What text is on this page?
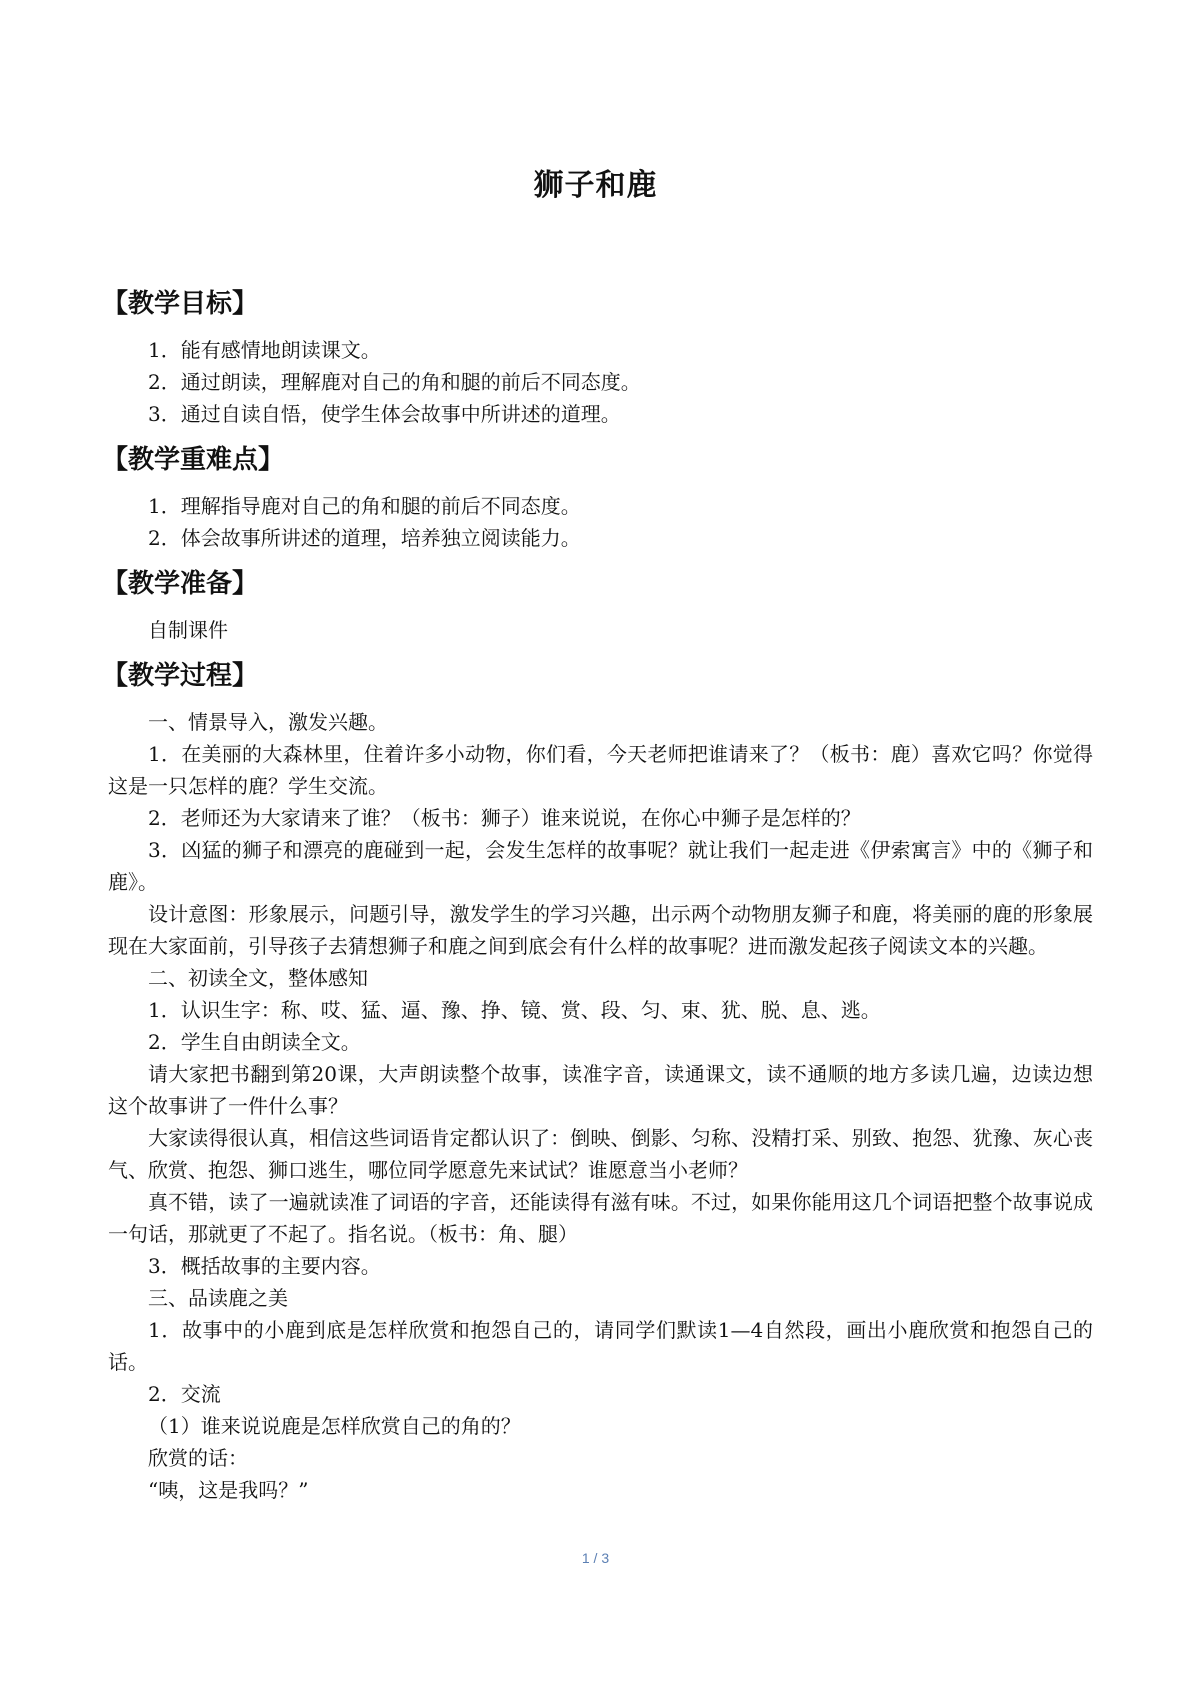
狮子和鹿
【教学目标】

1．能有感情地朗读课文。

2．通过朗读，理解鹿对自己的角和腿的前后不同态度。

3．通过自读自悟，使学生体会故事中所讲述的道理。

【教学重难点】

1．理解指导鹿对自己的角和腿的前后不同态度。

2．体会故事所讲述的道理，培养独立阅读能力。

【教学准备】

自制课件

【教学过程】

一、情景导入，激发兴趣。

1．在美丽的大森林里，住着许多小动物，你们看，今天老师把谁请来了？（板书：鹿）喜欢它吗？你觉得这是一只怎样的鹿？学生交流。

2．老师还为大家请来了谁？（板书：狮子）谁来说说，在你心中狮子是怎样的？

3．凶猛的狮子和漂亮的鹿碰到一起，会发生怎样的故事呢？就让我们一起走进《伊索寓言》中的《狮子和鹿》。

设计意图：形象展示，问题引导，激发学生的学习兴趣，出示两个动物朋友狮子和鹿，将美丽的鹿的形象展现在大家面前，引导孩子去猜想狮子和鹿之间到底会有什么样的故事呢？进而激发起孩子阅读文本的兴趣。

二、初读全文，整体感知

1．认识生字：称、哎、猛、逼、豫、挣、镜、赏、段、匀、束、犹、脱、息、逃。

2．学生自由朗读全文。

请大家把书翻到第20课，大声朗读整个故事，读准字音，读通课文，读不通顺的地方多读几遍，边读边想这个故事讲了一件什么事？

大家读得很认真，相信这些词语肯定都认识了：倒映、倒影、匀称、没精打采、别致、抱怨、犹豫、灰心丧气、欣赏、抱怨、狮口逃生，哪位同学愿意先来试试？谁愿意当小老师？

真不错，读了一遍就读准了词语的字音，还能读得有滋有味。不过，如果你能用这几个词语把整个故事说成一句话，那就更了不起了。指名说。（板书：角、腿）

3．概括故事的主要内容。

三、品读鹿之美

1．故事中的小鹿到底是怎样欣赏和抱怨自己的，请同学们默读1—4自然段，画出小鹿欣赏和抱怨自己的话。

2．交流

（1）谁来说说鹿是怎样欣赏自己的角的？

欣赏的话：

“咦，这是我吗？”

1 / 3
